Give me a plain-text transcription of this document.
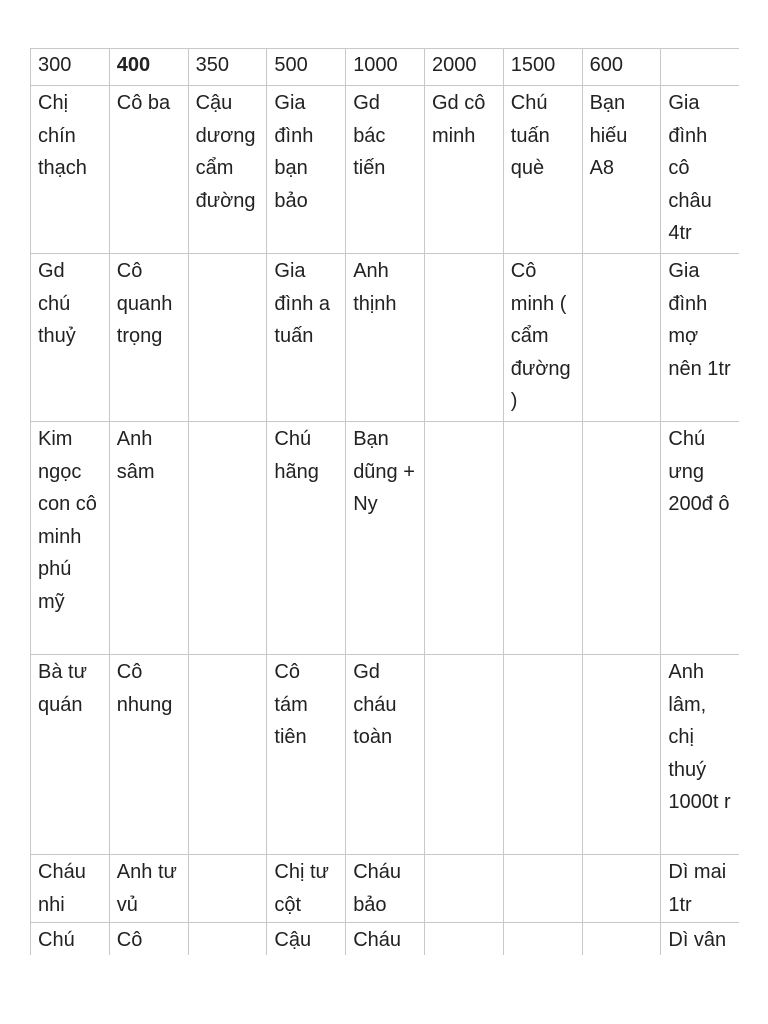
300	400	350	500	1000	2000	1500	600	
Chị chín thạch	Cô ba	Cậu dương cẩm đường	Gia đình bạn bảo	Gd bác tiến	Gd cô minh	Chú tuấn què	Bạn hiếu A8	Gia đình cô châu 4tr
Gd chú thuỷ	Cô quanh trọng		Gia đình a tuấn	Anh thịnh		Cô minh ( cẩm đường )		Gia đình mợ nên 1tr
Kim ngọc con cô minh phú mỹ	Anh sâm		Chú hãng	Bạn dũng + Ny				Chú ưng 200đ ô
Bà tư quán	Cô nhung		Cô tám tiên	Gd cháu toàn				Anh lâm, chị thuý 1000t r
Cháu nhi	Anh tư vủ		Chị tư cột	Cháu bảo				Dì mai 1tr
Chú	Cô		Cậu	Cháu				Dì vân
